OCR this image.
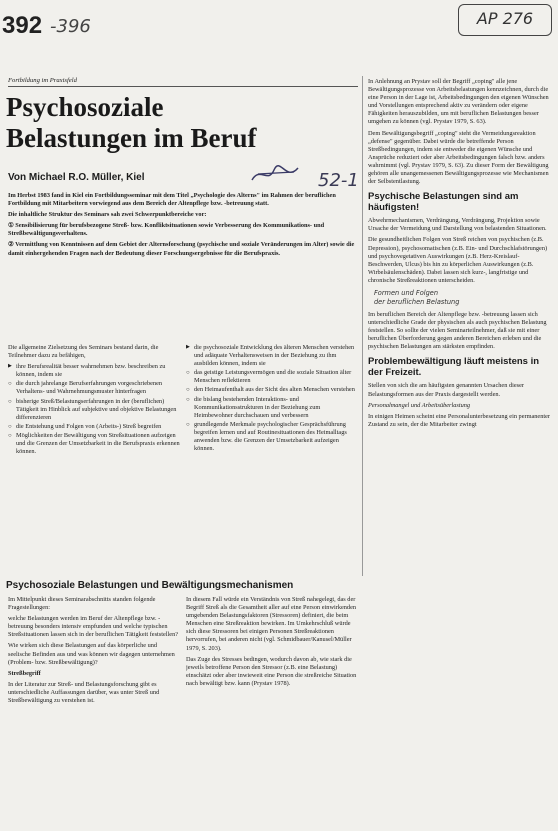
392 -396	AP 276
Fortbildung im Praxisfeld
Psychosoziale
Belastungen im Beruf
Von Michael R.O. Müller, Kiel	52-1

Im Herbst 1983 fand in Kiel ein Fortbildungsseminar mit dem Titel „Psychologie des Alterns" im Rahmen der beruflichen Fortbildung mit Mitarbeitern vorwiegend aus dem Bereich der Altenpflege bzw. -betreuung statt.

Die inhaltliche Struktur des Seminars sah zwei Schwerpunktbereiche vor:

① Sensibilisierung für berufsbezogene Streß- bzw. Konfliktsituationen sowie Verbesserung des Kommunikations- und Streßbewältigungsverhaltens.

② Vermittlung von Kenntnissen auf dem Gebiet der Alternsforschung (psychische und soziale Veränderungen im Alter) sowie die damit einhergehenden Fragen nach der Bedeutung dieser Forschungsergebnisse für die Berufspraxis.

Die allgemeine Zielsetzung des Seminars bestand darin, die Teilnehmer dazu zu befähigen,

▶ ihre Berufsrealität besser wahrnehmen bzw. beschreiben zu können, indem sie
○ die durch jahrelange Berufserfahrungen vorgeschriebenen Verhaltens- und Wahrnehmungsmuster hinterfragen
○ bisherige Streß/Belastungserfahrungen in der (beruflichen) Tätigkeit im Hinblick auf subjektive und objektive Belastungen differenzieren
○ die Entstehung und Folgen von (Arbeits-) Streß begreifen
○ Möglichkeiten der Bewältigung von Streßsituationen aufzeigen und die Grenzen der Umsetzbarkeit in die Berufspraxis erkennen können.
▶ die psychosoziale Entwicklung des älteren Menschen verstehen und adäquate Verhaltensweisen in der Beziehung zu ihm ausbilden können, indem sie
○ das geistige Leistungsvermögen und die soziale Situation älter Menschen reflektieren
○ den Heimaufenthalt aus der Sicht des alten Menschen verstehen
○ die bislang bestehenden Interaktions- und Kommunikationsstrukturen in der Beziehung zum Heimbewohner durchschauen und verbessern
○ grundlegende Merkmale psychologischer Gesprächsführung begreifen lernen und auf Routinesituationen des Heimalltags anwenden bzw. die Grenzen der Umsetzbarkeit aufzeigen können.

In Anlehnung an Prystav soll der Begriff „coping" alle jene Bewältigungsprozesse von Arbeitsbelastungen kennzeichnen, durch die eine Person in der Lage ist, Arbeitsbedingungen den eigenen Wünschen und Vorstellungen entsprechend aktiv zu verändern oder eigene Fähigkeiten herauszubilden, um mit beruflichen Belastungen besser umgehen zu können (vgl. Prystav 1979, S. 63).

Dem Bewältigungsbegriff „coping" steht die Vermeidungsreaktion „defense" gegenüber. Dabei würde die betreffende Person Streßbedingungen, indem sie entweder die eigenen Wünsche und Ansprüche reduziert oder aber Arbeitsbedingungen falsch bzw. anders wahrnimmt (vgl. Prystav 1979, S. 63). Zu dieser Form der Bewältigung gehören alle unangemessenen Bewältigungsprozesse wie Mechanismen der Selbstentlastung.

Psychische Belastungen sind am häufigsten!

Abwehrmechanismen, Verdrängung, Verdrängung, Projektion sowie Ursache der Vermeidung und Darstellung von belastenden Situationen.

Die gesundheitlichen Folgen von Streß reichen von psychischen (z.B. Depression), psychosomatischen (z.B. Ein- und Durchschlafstörungen) und psychovegetativen Auswirkungen (z.B. Herz-Kreislauf-Beschwerden, Ulcus) bis hin zu körperlichen Auswirkungen (z.B. Wirbelsäulenschäden). Dabei lassen sich kurz-, langfristige und chronische Streßreaktionen unterscheiden.

Formen und Folgen
der beruflichen Belastung

Im beruflichen Bereich der Altenpflege bzw. -betreuung lassen sich unterschiedliche Grade der physischen als auch psychischen Belastung feststellen. So sollte der vielen Seminarteilnehmer, daß sie mit einer beruflichen Überforderung gegen anderen Bereichen erleben und die psychischen Belastungen am stärksten empfinden.

Problembewältigung läuft meistens in der Freizeit.

Stellen von sich die am häufigsten genannten Ursachen dieser Belastungsformen aus der Praxis dargestellt werden.

Personalmangel und Arbeitsüberlastung

In einigen Heimen scheint eine Personalunterbesetzung ein permanenter Zustand zu sein, der die Mitarbeiter zwingt

Psychosoziale Belastungen und Bewältigungsmechanismen

Im Mittelpunkt dieses Seminarabschnitts standen folgende Fragestellungen:

welche Belastungen werden im Beruf der Altenpflege bzw. -betreuung besonders intensiv empfunden und welche typischen Streßsituationen lassen sich in der beruflichen Tätigkeit feststellen?

Wie wirken sich diese Belastungen auf das körperliche und seelische Befinden aus und was können wir dagegen unternehmen (Problem- bzw. Streßbewältigung)?

Streßbegriff

In der Literatur zur Streß- und Belastungsforschung gibt es unterschiedliche Auffassungen darüber, was unter Streß und Streßbewältigung zu verstehen ist.

In diesem Fall würde ein Verständnis von Streß nahegelegt, das der Begriff Streß als die Gesamtheit aller auf eine Person einwirkenden umgebenden Belastungsfaktoren (Stressoren) definiert, die beim Menschen eine Streßreaktion bewirken. Im Umkehrschluß würde sich diese Stressoren bei einigen Personen Streßreaktionen hervorrufen, bei anderen nicht (vgl. Schmidbauer/Kanusel/Müller 1979, S. 203).

Das Zuge des Stresses bedingen, wodurch davon ab, wie stark die jeweils betroffene Person den Stressor (z.B. eine Belastung) einschätzt oder aber inwieweit eine Person die streßreiche Situation nach bewältigt bzw. kann (Prystav 1978).
